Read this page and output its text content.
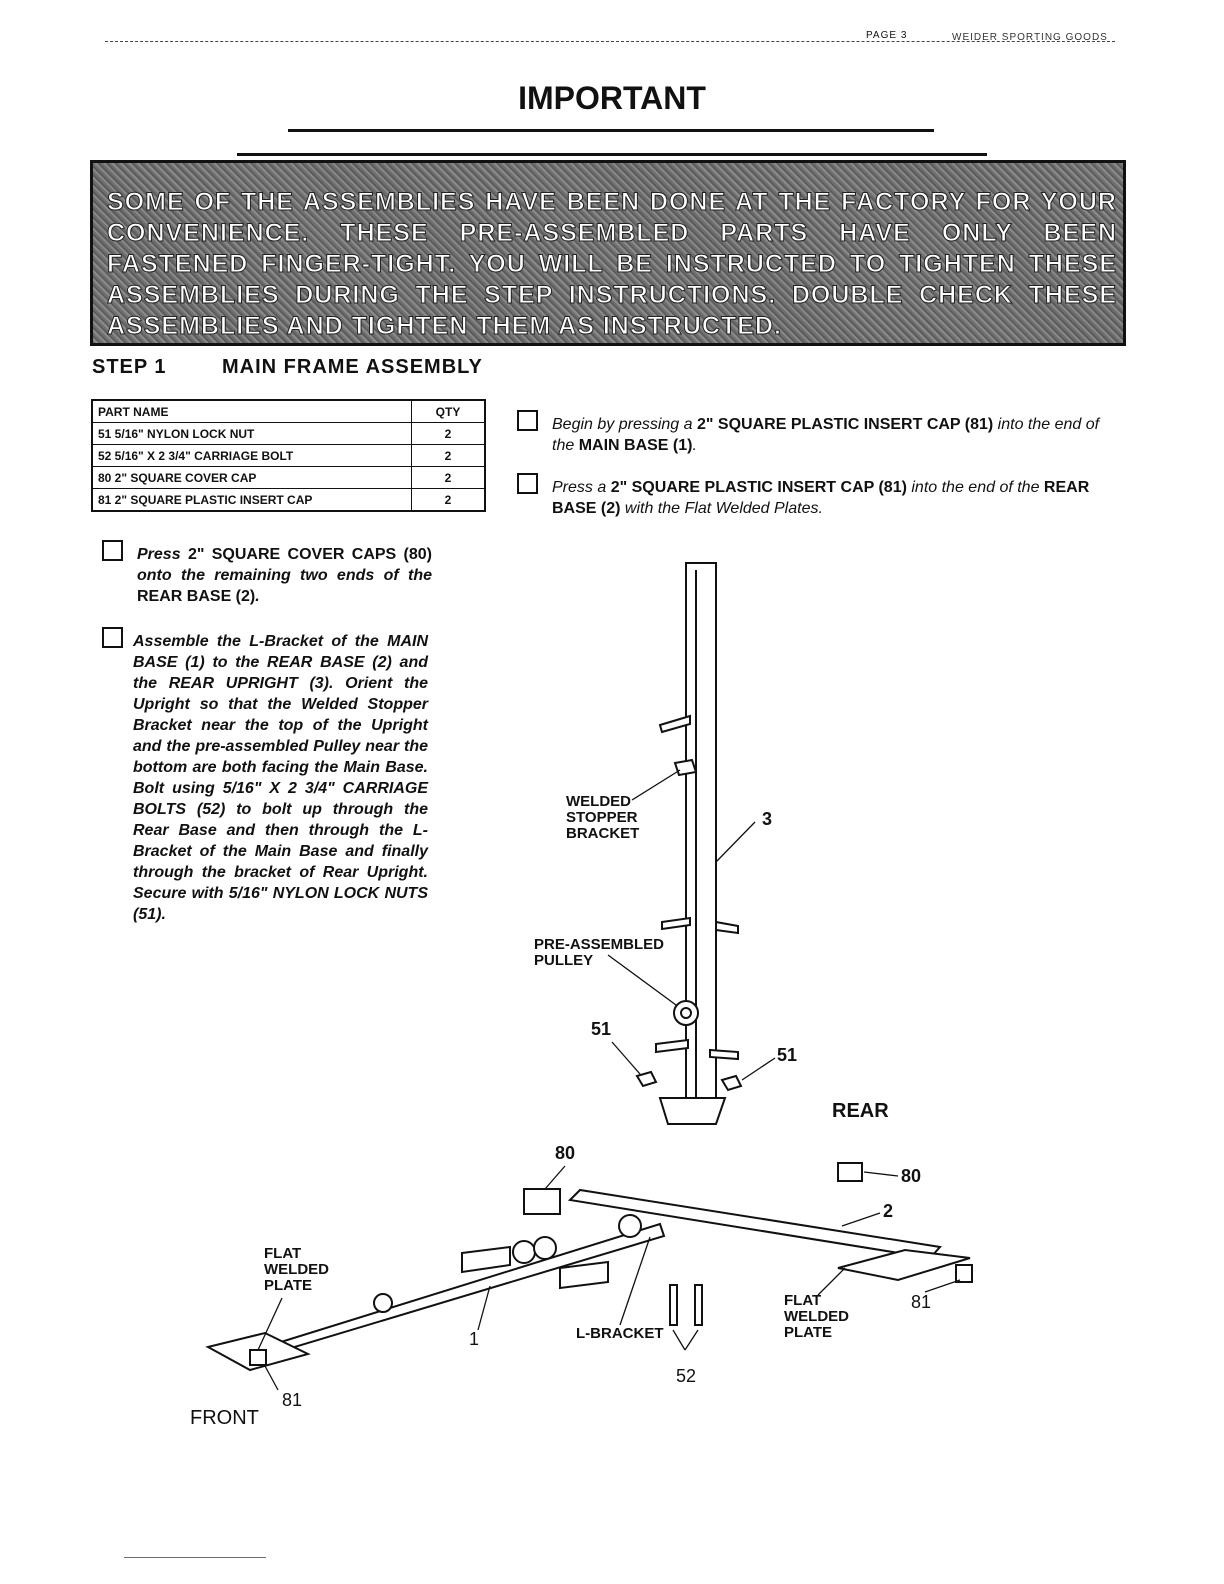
PAGE 3	WEIDER SPORTING GOODS
IMPORTANT
SOME OF THE ASSEMBLIES HAVE BEEN DONE AT THE FACTORY FOR YOUR CONVENIENCE. THESE PRE-ASSEMBLED PARTS HAVE ONLY BEEN FASTENED FINGER-TIGHT. YOU WILL BE INSTRUCTED TO TIGHTEN THESE ASSEMBLIES DURING THE STEP INSTRUCTIONS. DOUBLE CHECK THESE ASSEMBLIES AND TIGHTEN THEM AS INSTRUCTED.
STEP 1	MAIN FRAME ASSEMBLY
PART NAME	QTY
51 5/16" NYLON LOCK NUT	2
52 5/16" X 2 3/4" CARRIAGE BOLT	2
80 2" SQUARE COVER CAP	2
81 2" SQUARE PLASTIC INSERT CAP	2
Begin by pressing a 2" SQUARE PLASTIC INSERT CAP (81) into the end of the MAIN BASE (1).
Press a 2" SQUARE PLASTIC INSERT CAP (81) into the end of the REAR BASE (2) with the Flat Welded Plates.
Press 2" SQUARE COVER CAPS (80) onto the remaining two ends of the REAR BASE (2).
Assemble the L-Bracket of the MAIN BASE (1) to the REAR BASE (2) and the REAR UPRIGHT (3). Orient the Upright so that the Welded Stopper Bracket near the top of the Upright and the pre-assembled Pulley near the bottom are both facing the Main Base. Bolt using 5/16" X 2 3/4" CARRIAGE BOLTS (52) to bolt up through the Rear Base and then through the L-Bracket of the Main Base and finally through the bracket of Rear Upright. Secure with 5/16" NYLON LOCK NUTS (51).
WELDED
STOPPER
BRACKET
PRE-ASSEMBLED
PULLEY
FLAT
WELDED
PLATE
FLAT
WELDED
PLATE
L-BRACKET
REAR
FRONT
3
51
51
80
80
2
1
52
81
81
